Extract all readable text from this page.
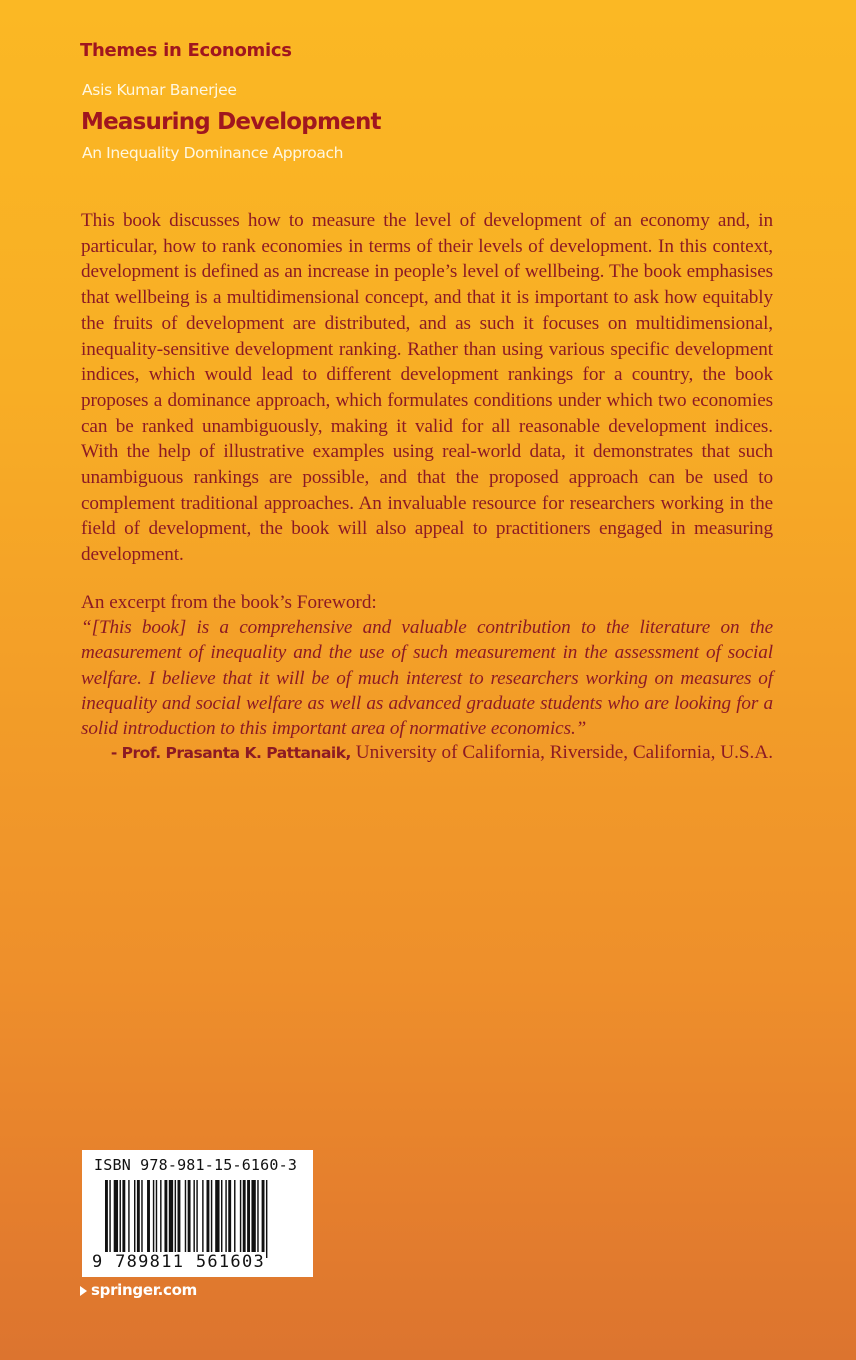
Themes in Economics

Asis Kumar Banerjee

Measuring Development

An Inequality Dominance Approach

This book discusses how to measure the level of development of an economy and, in particular, how to rank economies in terms of their levels of development. In this context, development is defined as an increase in people’s level of wellbeing. The book emphasises that wellbeing is a multidimensional concept, and that it is important to ask how equitably the fruits of development are distributed, and as such it focuses on multidimensional, inequality-sensitive development ranking. Rather than using various specific development indices, which would lead to different development rankings for a country, the book proposes a dominance approach, which formulates conditions under which two economies can be ranked unambiguously, making it valid for all reasonable development indices. With the help of illustrative examples using real-world data, it demonstrates that such unambiguous rankings are possible, and that the proposed approach can be used to complement traditional approaches. An invaluable resource for researchers working in the field of development, the book will also appeal to practitioners engaged in measuring development.

An excerpt from the book’s Foreword:

“[This book] is a comprehensive and valuable contribution to the literature on the measurement of inequality and the use of such measurement in the assessment of social welfare. I believe that it will be of much interest to researchers working on measures of inequality and social welfare as well as advanced graduate students who are looking for a solid introduction to this important area of normative economics.”

- Prof. Prasanta K. Pattanaik, University of California, Riverside, California, U.S.A.

ISBN 978-981-15-6160-3

9 789811 561603

springer.com
